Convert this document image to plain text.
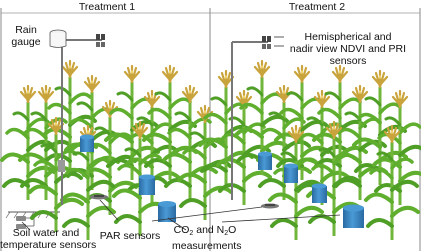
Treatment 1	Treatment 2
Rain
gauge	Hemispherical and
nadir view NDVI and PRI
sensors
Soil water and
temperature sensors
PAR sensors $CO_2$ and $N_2O$
measurements
